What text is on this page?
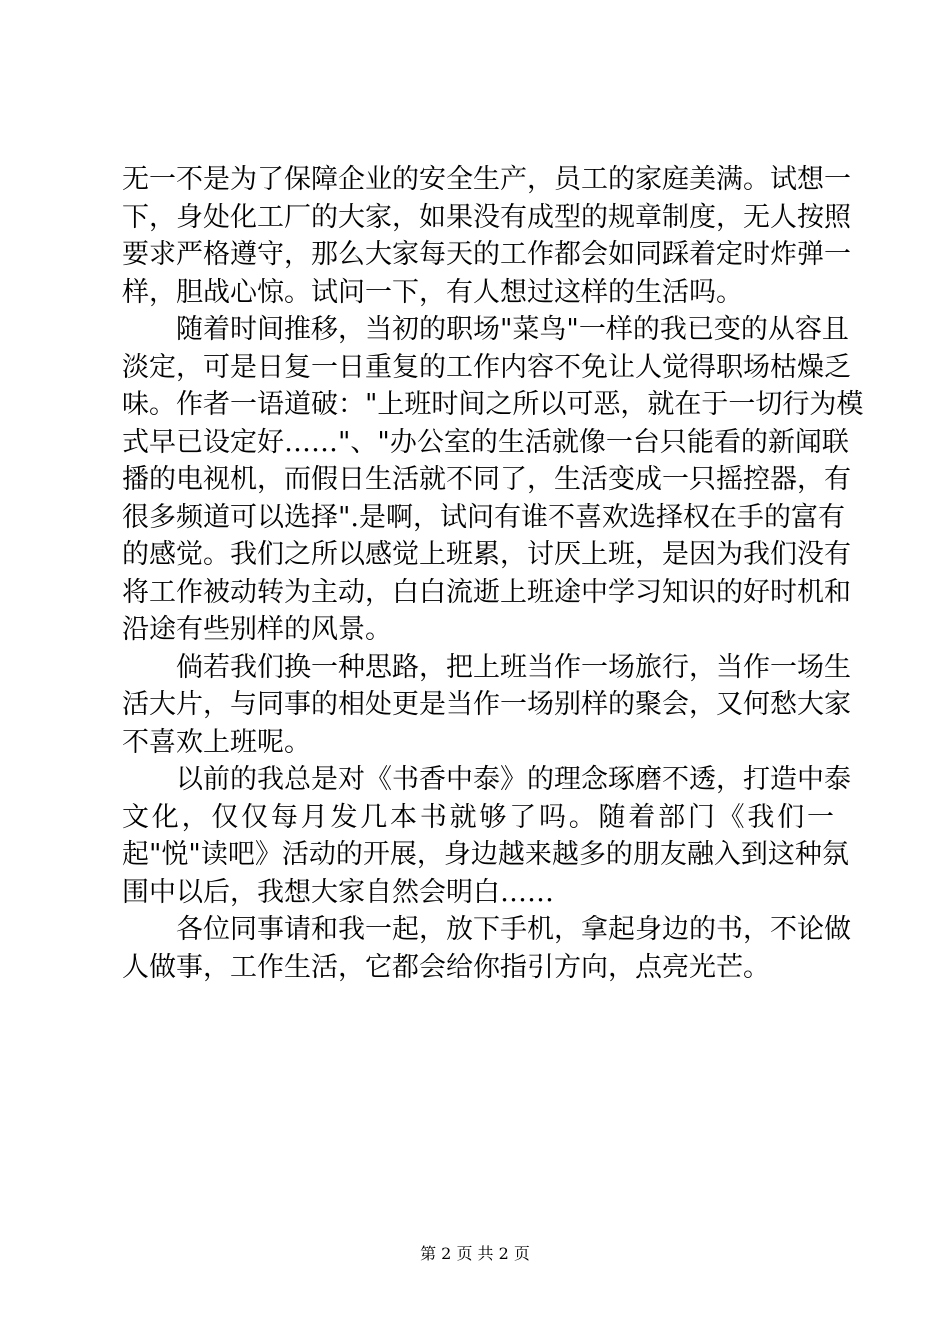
无一不是为了保障企业的安全生产，员工的家庭美满。试想一
下，身处化工厂的大家，如果没有成型的规章制度，无人按照
要求严格遵守，那么大家每天的工作都会如同踩着定时炸弹一
样，胆战心惊。试问一下，有人想过这样的生活吗。
随着时间推移，当初的职场"菜鸟"一样的我已变的从容且
淡定，可是日复一日重复的工作内容不免让人觉得职场枯燥乏
味。作者一语道破："上班时间之所以可恶，就在于一切行为模
式早已设定好……"、"办公室的生活就像一台只能看的新闻联
播的电视机，而假日生活就不同了，生活变成一只摇控器，有
很多频道可以选择".是啊，试问有谁不喜欢选择权在手的富有
的感觉。我们之所以感觉上班累，讨厌上班，是因为我们没有
将工作被动转为主动，白白流逝上班途中学习知识的好时机和
沿途有些别样的风景。
倘若我们换一种思路，把上班当作一场旅行，当作一场生
活大片，与同事的相处更是当作一场别样的聚会，又何愁大家
不喜欢上班呢。
以前的我总是对《书香中泰》的理念琢磨不透，打造中泰
文化，仅仅每月发几本书就够了吗。随着部门《我们一
起"悦"读吧》活动的开展，身边越来越多的朋友融入到这种氛
围中以后，我想大家自然会明白……
各位同事请和我一起，放下手机，拿起身边的书，不论做
人做事，工作生活，它都会给你指引方向，点亮光芒。
第 2 页 共 2 页
